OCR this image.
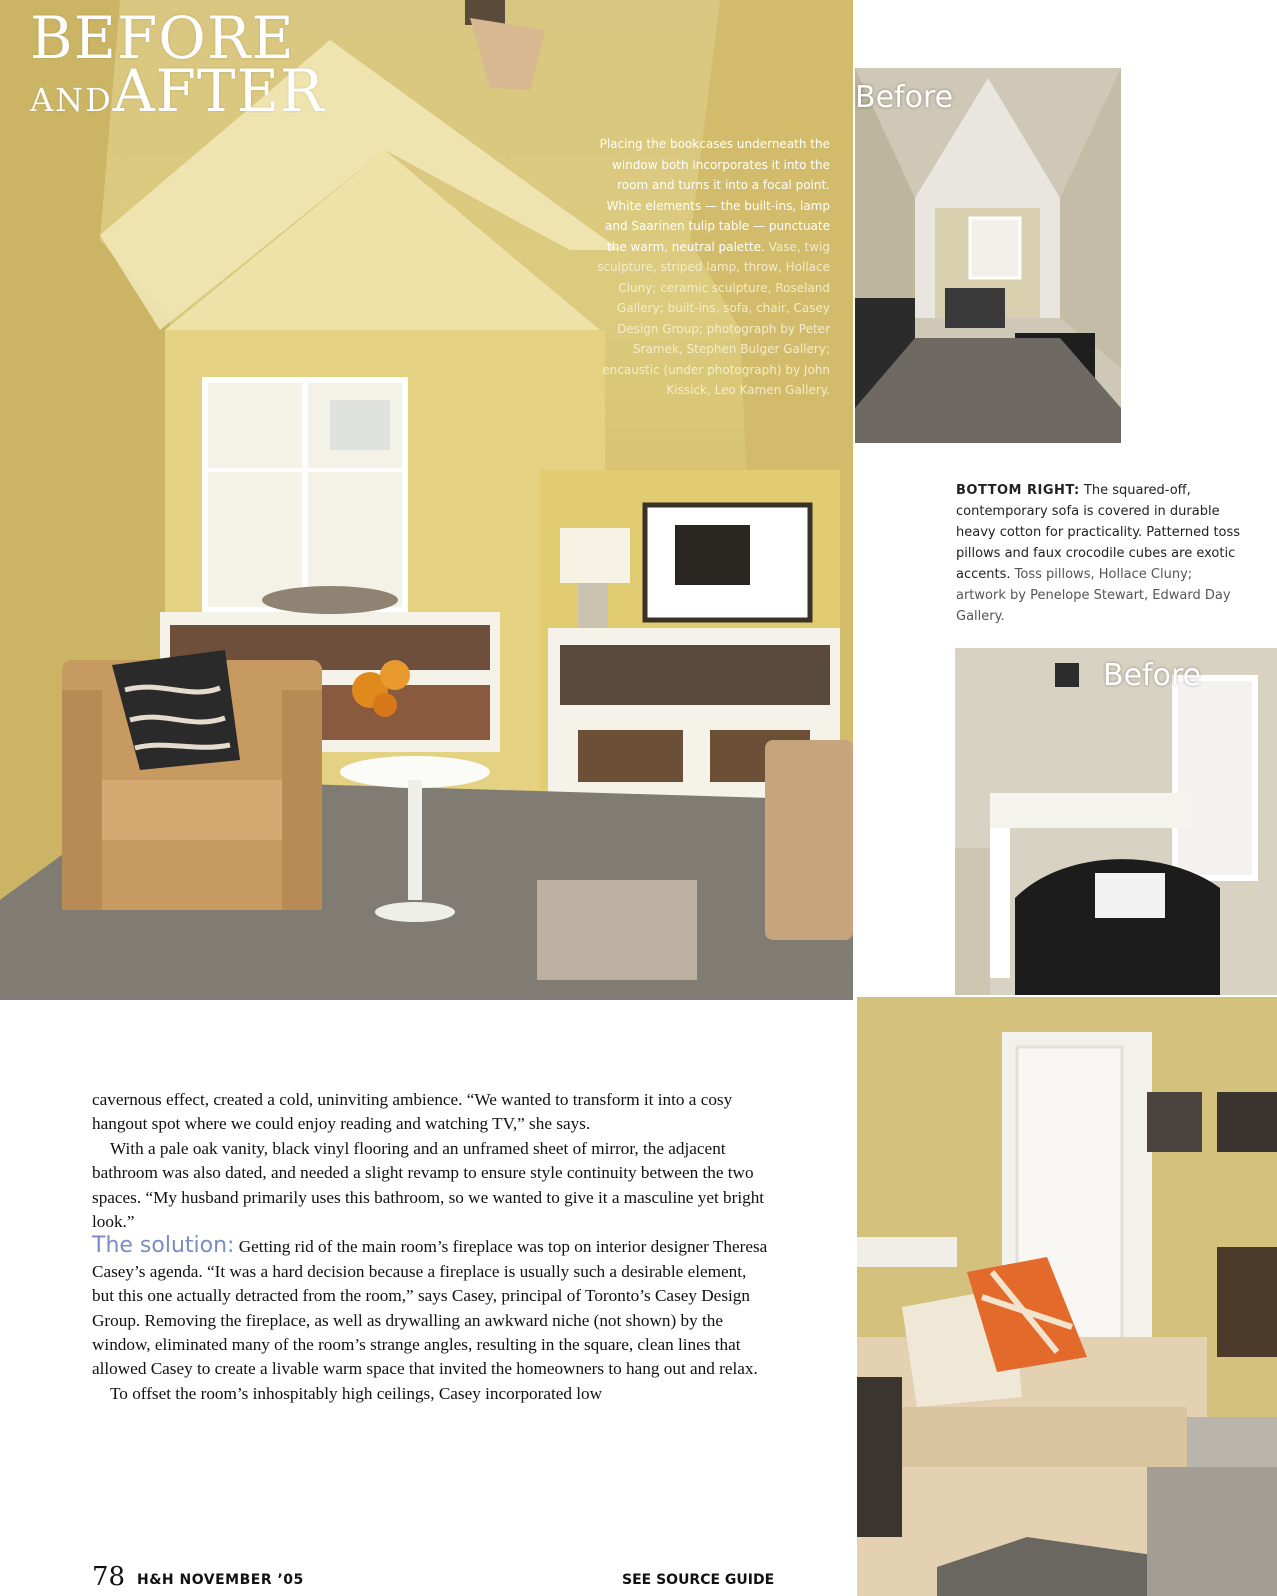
BEFORE
ANDAFTER
Placing the bookcases underneath the
window both incorporates it into the
room and turns it into a focal point.
White elements — the built-ins, lamp
and Saarinen tulip table — punctuate
the warm, neutral palette. Vase, twig
sculpture, striped lamp, throw, Hollace
Cluny; ceramic sculpture, Roseland
Gallery; built-ins, sofa, chair, Casey
Design Group; photograph by Peter
Sramek, Stephen Bulger Gallery;
encaustic (under photograph) by John
Kissick, Leo Kamen Gallery.
Before
BOTTOM RIGHT: The squared-off, contemporary sofa is covered in durable heavy cotton for practicality. Patterned toss pillows and faux crocodile cubes are exotic accents. Toss pillows, Hollace Cluny; artwork by Penelope Stewart, Edward Day Gallery.
Before

cavernous effect, created a cold, uninviting ambience. “We wanted to transform it into a cosy hangout spot where we could enjoy reading and watching TV,” she says.

With a pale oak vanity, black vinyl flooring and an unframed sheet of mirror, the adjacent bathroom was also dated, and needed a slight revamp to ensure style continuity between the two spaces. “My husband primarily uses this bathroom, so we wanted to give it a masculine yet bright look.”

The solution: Getting rid of the main room’s fireplace was top on interior designer Theresa Casey’s agenda. “It was a hard decision because a fireplace is usually such a desirable element, but this one actually detracted from the room,” says Casey, principal of Toronto’s Casey Design Group. Removing the fireplace, as well as drywalling an awkward niche (not shown) by the window, eliminated many of the room’s strange angles, resulting in the square, clean lines that allowed Casey to create a livable warm space that invited the homeowners to hang out and relax.

To offset the room’s inhospitably high ceilings, Casey incorporated low

78 H&H NOVEMBER ’05	SEE SOURCE GUIDE
